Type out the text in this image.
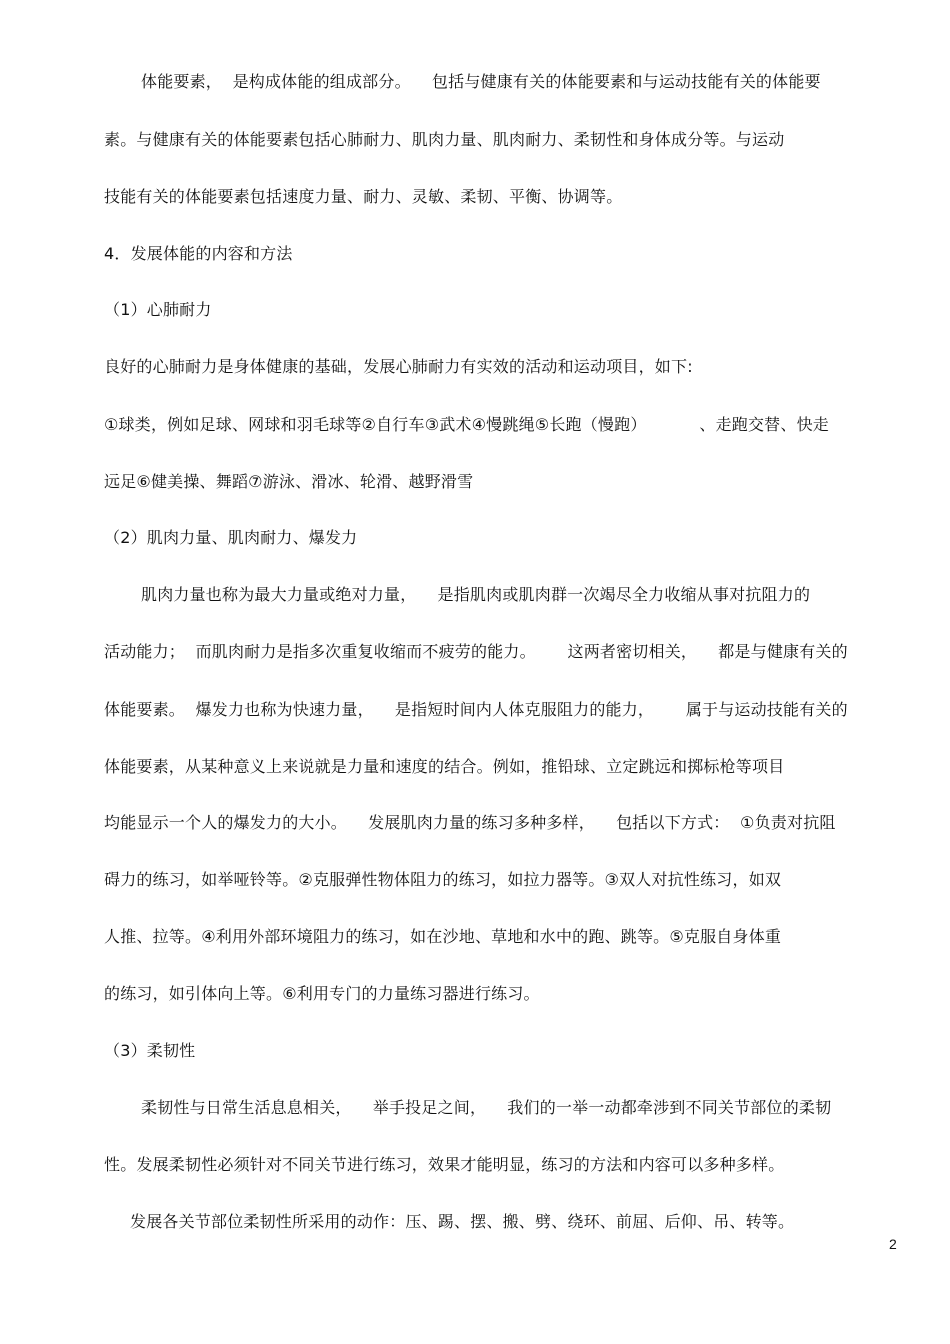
体能要素，  是构成体能的组成部分。    包括与健康有关的体能要素和与运动技能有关的体能要
素。与健康有关的体能要素包括心肺耐力、肌肉力量、肌肉耐力、柔韧性和身体成分等。与运动
技能有关的体能要素包括速度力量、耐力、灵敏、柔韧、平衡、协调等。
4．发展体能的内容和方法
（1）心肺耐力
良好的心肺耐力是身体健康的基础，发展心肺耐力有实效的活动和运动项目，如下:
①球类，例如足球、网球和羽毛球等②自行车③武术④慢跳绳⑤长跑（慢跑）          、走跑交替、快走
远足⑥健美操、舞蹈⑦游泳、滑冰、轮滑、越野滑雪
（2）肌肉力量、肌肉耐力、爆发力
肌肉力量也称为最大力量或绝对力量，    是指肌肉或肌肉群一次竭尽全力收缩从事对抗阻力的
活动能力；  而肌肉耐力是指多次重复收缩而不疲劳的能力。      这两者密切相关，    都是与健康有关的
体能要素。  爆发力也称为快速力量，    是指短时间内人体克服阻力的能力，      属于与运动技能有关的
体能要素，从某种意义上来说就是力量和速度的结合。例如，推铅球、立定跳远和掷标枪等项目
均能显示一个人的爆发力的大小。    发展肌肉力量的练习多种多样，    包括以下方式：  ①负责对抗阻
碍力的练习，如举哑铃等。②克服弹性物体阻力的练习，如拉力器等。③双人对抗性练习，如双
人推、拉等。④利用外部环境阻力的练习，如在沙地、草地和水中的跑、跳等。⑤克服自身体重
的练习，如引体向上等。⑥利用专门的力量练习器进行练习。
（3）柔韧性
柔韧性与日常生活息息相关，    举手投足之间，    我们的一举一动都牵涉到不同关节部位的柔韧
性。发展柔韧性必须针对不同关节进行练习，效果才能明显，练习的方法和内容可以多种多样。
发展各关节部位柔韧性所采用的动作：压、踢、摆、搬、劈、绕环、前屈、后仰、吊、转等。
2
